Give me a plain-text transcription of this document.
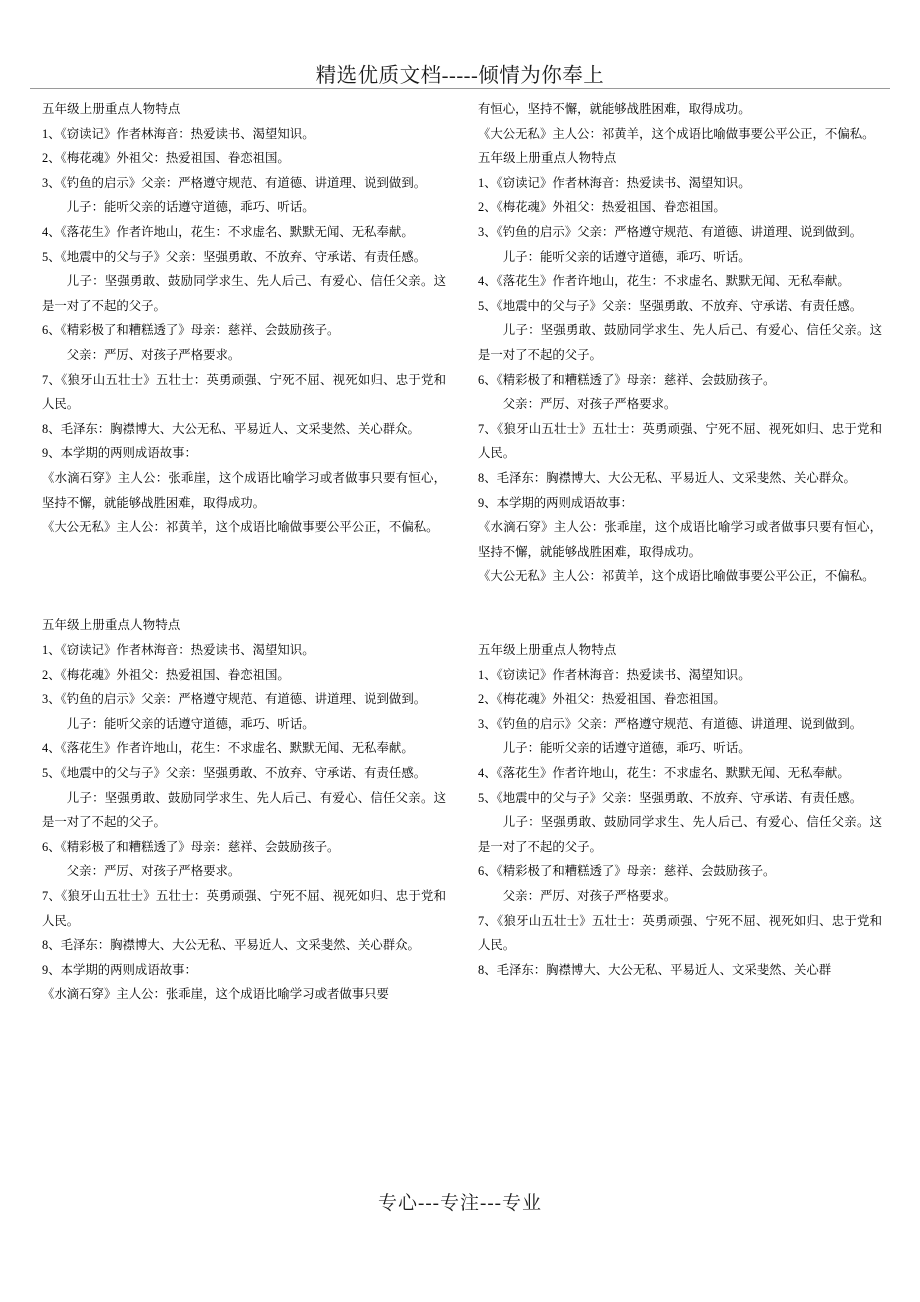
精选优质文档-----倾情为你奉上

五年级上册重点人物特点

1、《窃读记》作者林海音：热爱读书、渴望知识。

2、《梅花魂》外祖父：热爱祖国、眷恋祖国。

3、《钓鱼的启示》父亲：严格遵守规范、有道德、讲道理、说到做到。

儿子：能听父亲的话遵守道德，乖巧、听话。

4、《落花生》作者许地山，花生：不求虚名、默默无闻、无私奉献。

5、《地震中的父与子》父亲：坚强勇敢、不放弃、守承诺、有责任感。

儿子：坚强勇敢、鼓励同学求生、先人后己、有爱心、信任父亲。这是一对了不起的父子。

6、《精彩极了和糟糕透了》母亲：慈祥、会鼓励孩子。

父亲：严厉、对孩子严格要求。

7、《狼牙山五壮士》五壮士：英勇顽强、宁死不屈、视死如归、忠于党和人民。

8、毛泽东：胸襟博大、大公无私、平易近人、文采斐然、关心群众。

9、本学期的两则成语故事：

《水滴石穿》主人公：张乖崖，这个成语比喻学习或者做事只要有恒心，坚持不懈，就能够战胜困难，取得成功。

《大公无私》主人公：祁黄羊，这个成语比喻做事要公平公正，不偏私。

五年级上册重点人物特点

1、《窃读记》作者林海音：热爱读书、渴望知识。

2、《梅花魂》外祖父：热爱祖国、眷恋祖国。

3、《钓鱼的启示》父亲：严格遵守规范、有道德、讲道理、说到做到。

儿子：能听父亲的话遵守道德，乖巧、听话。

4、《落花生》作者许地山，花生：不求虚名、默默无闻、无私奉献。

5、《地震中的父与子》父亲：坚强勇敢、不放弃、守承诺、有责任感。

儿子：坚强勇敢、鼓励同学求生、先人后己、有爱心、信任父亲。这是一对了不起的父子。

6、《精彩极了和糟糕透了》母亲：慈祥、会鼓励孩子。

父亲：严厉、对孩子严格要求。

7、《狼牙山五壮士》五壮士：英勇顽强、宁死不屈、视死如归、忠于党和人民。

8、毛泽东：胸襟博大、大公无私、平易近人、文采斐然、关心群众。

9、本学期的两则成语故事：

《水滴石穿》主人公：张乖崖，这个成语比喻学习或者做事只要

有恒心，坚持不懈，就能够战胜困难，取得成功。

《大公无私》主人公：祁黄羊，这个成语比喻做事要公平公正，不偏私。

五年级上册重点人物特点

1、《窃读记》作者林海音：热爱读书、渴望知识。

2、《梅花魂》外祖父：热爱祖国、眷恋祖国。

3、《钓鱼的启示》父亲：严格遵守规范、有道德、讲道理、说到做到。

儿子：能听父亲的话遵守道德，乖巧、听话。

4、《落花生》作者许地山，花生：不求虚名、默默无闻、无私奉献。

5、《地震中的父与子》父亲：坚强勇敢、不放弃、守承诺、有责任感。

儿子：坚强勇敢、鼓励同学求生、先人后己、有爱心、信任父亲。这是一对了不起的父子。

6、《精彩极了和糟糕透了》母亲：慈祥、会鼓励孩子。

父亲：严厉、对孩子严格要求。

7、《狼牙山五壮士》五壮士：英勇顽强、宁死不屈、视死如归、忠于党和人民。

8、毛泽东：胸襟博大、大公无私、平易近人、文采斐然、关心群众。

9、本学期的两则成语故事：

《水滴石穿》主人公：张乖崖，这个成语比喻学习或者做事只要有恒心，坚持不懈，就能够战胜困难，取得成功。

《大公无私》主人公：祁黄羊，这个成语比喻做事要公平公正，不偏私。

五年级上册重点人物特点

1、《窃读记》作者林海音：热爱读书、渴望知识。

2、《梅花魂》外祖父：热爱祖国、眷恋祖国。

3、《钓鱼的启示》父亲：严格遵守规范、有道德、讲道理、说到做到。

儿子：能听父亲的话遵守道德，乖巧、听话。

4、《落花生》作者许地山，花生：不求虚名、默默无闻、无私奉献。

5、《地震中的父与子》父亲：坚强勇敢、不放弃、守承诺、有责任感。

儿子：坚强勇敢、鼓励同学求生、先人后己、有爱心、信任父亲。这是一对了不起的父子。

6、《精彩极了和糟糕透了》母亲：慈祥、会鼓励孩子。

父亲：严厉、对孩子严格要求。

7、《狼牙山五壮士》五壮士：英勇顽强、宁死不屈、视死如归、忠于党和人民。

8、毛泽东：胸襟博大、大公无私、平易近人、文采斐然、关心群

专心---专注---专业
